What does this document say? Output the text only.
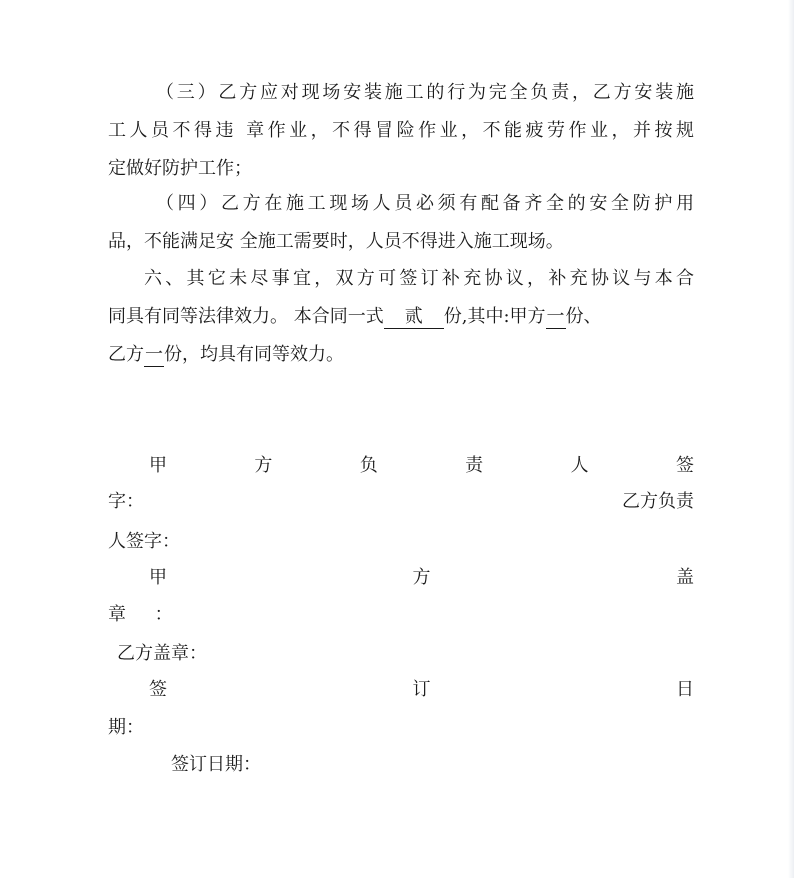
（三）乙方应对现场安装施工的行为完全负责，乙方安装施
工人员不得违 章作业，不得冒险作业，不能疲劳作业，并按规
定做好防护工作；
（四）乙方在施工现场人员必须有配备齐全的安全防护用
品，不能满足安 全施工需要时，人员不得进入施工现场。
六、其它未尽事宜，双方可签订补充协议，补充协议与本合
同具有同等法律效力。 本合同一式 贰 份,其中:甲方一份、
乙方一份，均具有同等效力。
甲	方	负	责	人	签
字：	乙方负责
人签字：
甲	方	盖
章     ：
乙方盖章：
签	订	日
期：
签订日期：
